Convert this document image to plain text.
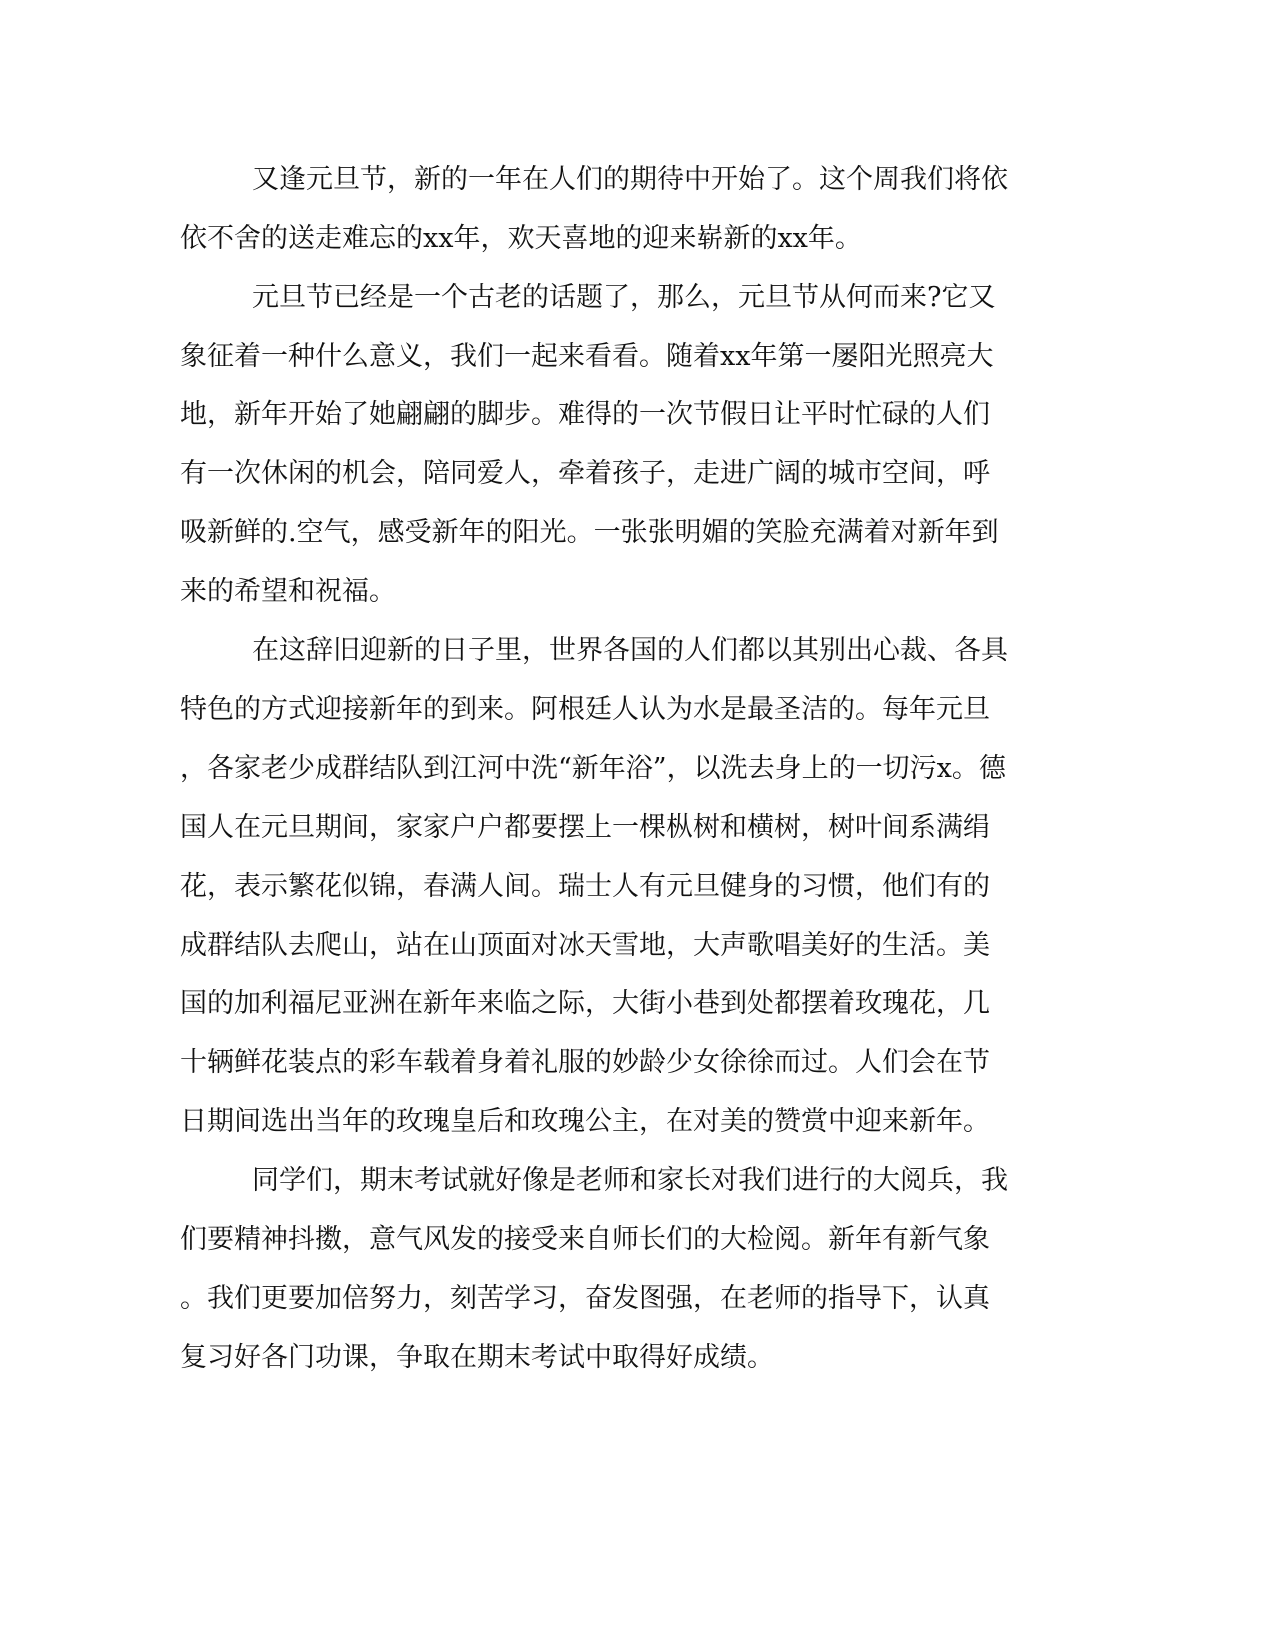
又逢元旦节，新的一年在人们的期待中开始了。这个周我们将依
依不舍的送走难忘的xx年，欢天喜地的迎来崭新的xx年。
元旦节已经是一个古老的话题了，那么，元旦节从何而来?它又
象征着一种什么意义，我们一起来看看。随着xx年第一屡阳光照亮大
地，新年开始了她翩翩的脚步。难得的一次节假日让平时忙碌的人们
有一次休闲的机会，陪同爱人，牵着孩子，走进广阔的城市空间，呼
吸新鲜的.空气，感受新年的阳光。一张张明媚的笑脸充满着对新年到
来的希望和祝福。
在这辞旧迎新的日子里，世界各国的人们都以其别出心裁、各具
特色的方式迎接新年的到来。阿根廷人认为水是最圣洁的。每年元旦
，各家老少成群结队到江河中洗“新年浴”，以洗去身上的一切污x。德
国人在元旦期间，家家户户都要摆上一棵枞树和横树，树叶间系满绢
花，表示繁花似锦，春满人间。瑞士人有元旦健身的习惯，他们有的
成群结队去爬山，站在山顶面对冰天雪地，大声歌唱美好的生活。美
国的加利福尼亚洲在新年来临之际，大街小巷到处都摆着玫瑰花，几
十辆鲜花装点的彩车载着身着礼服的妙龄少女徐徐而过。人们会在节
日期间选出当年的玫瑰皇后和玫瑰公主，在对美的赞赏中迎来新年。
同学们，期末考试就好像是老师和家长对我们进行的大阅兵，我
们要精神抖擞，意气风发的接受来自师长们的大检阅。新年有新气象
。我们更要加倍努力，刻苦学习，奋发图强，在老师的指导下，认真
复习好各门功课，争取在期末考试中取得好成绩。
